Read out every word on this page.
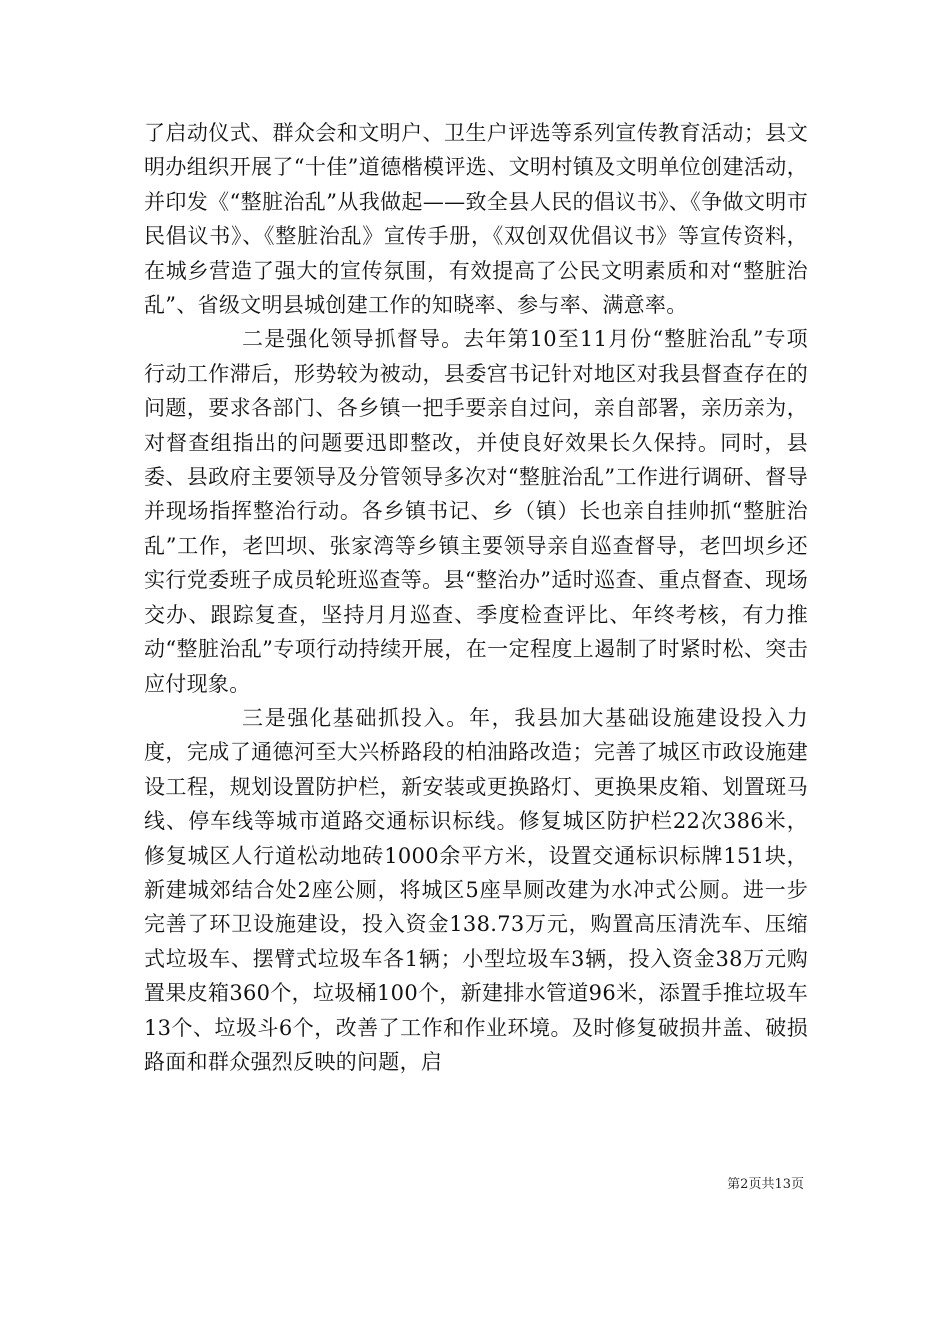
了启动仪式、群众会和文明户、卫生户评选等系列宣传教育活动；县文明办组织开展了“十佳”道德楷模评选、文明村镇及文明单位创建活动，并印发《“整脏治乱”从我做起——致全县人民的倡议书》、《争做文明市民倡议书》、《整脏治乱》宣传手册，《双创双优倡议书》等宣传资料，在城乡营造了强大的宣传氛围，有效提高了公民文明素质和对“整脏治乱”、省级文明县城创建工作的知晓率、参与率、满意率。

二是强化领导抓督导。去年第10至11月份“整脏治乱”专项行动工作滞后，形势较为被动，县委宫书记针对地区对我县督查存在的问题，要求各部门、各乡镇一把手要亲自过问，亲自部署，亲历亲为，对督查组指出的问题要迅即整改，并使良好效果长久保持。同时，县委、县政府主要领导及分管领导多次对“整脏治乱”工作进行调研、督导并现场指挥整治行动。各乡镇书记、乡（镇）长也亲自挂帅抓“整脏治乱”工作，老凹坝、张家湾等乡镇主要领导亲自巡查督导，老凹坝乡还实行党委班子成员轮班巡查等。县“整治办”适时巡查、重点督查、现场交办、跟踪复查，坚持月月巡查、季度检查评比、年终考核，有力推动“整脏治乱”专项行动持续开展，在一定程度上遏制了时紧时松、突击应付现象。

三是强化基础抓投入。年，我县加大基础设施建设投入力度，完成了通德河至大兴桥路段的柏油路改造；完善了城区市政设施建设工程，规划设置防护栏，新安装或更换路灯、更换果皮箱、划置斑马线、停车线等城市道路交通标识标线。修复城区防护栏22次386米，修复城区人行道松动地砖1000余平方米，设置交通标识标牌151块，新建城郊结合处2座公厕，将城区5座旱厕改建为水冲式公厕。进一步完善了环卫设施建设，投入资金138.73万元，购置高压清洗车、压缩式垃圾车、摆臂式垃圾车各1辆；小型垃圾车3辆，投入资金38万元购置果皮箱360个，垃圾桶100个，新建排水管道96米，添置手推垃圾车13个、垃圾斗6个，改善了工作和作业环境。及时修复破损井盖、破损路面和群众强烈反映的问题，启

第2页共13页
